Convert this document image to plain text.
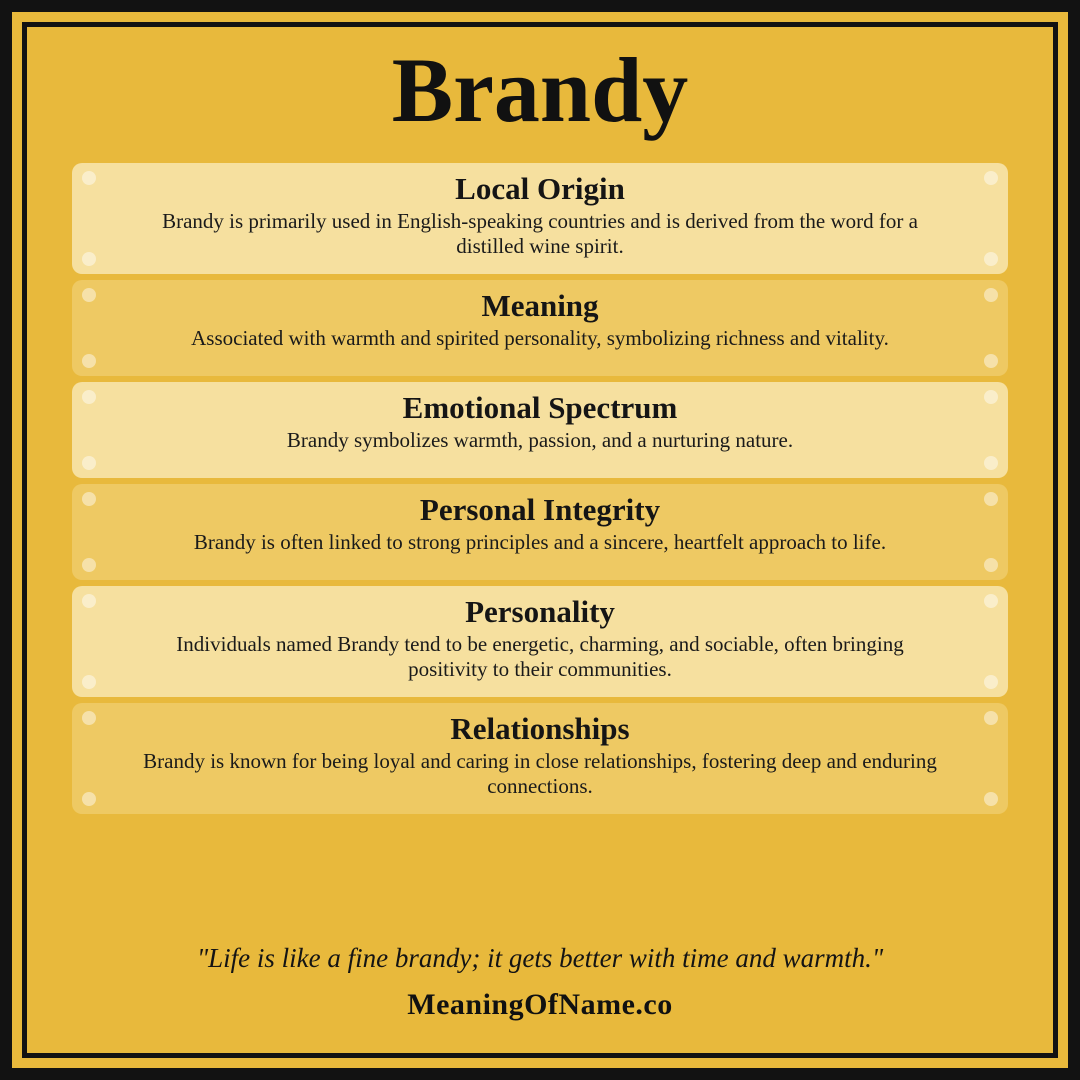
Brandy
Local Origin
Brandy is primarily used in English-speaking countries and is derived from the word for a distilled wine spirit.
Meaning
Associated with warmth and spirited personality, symbolizing richness and vitality.
Emotional Spectrum
Brandy symbolizes warmth, passion, and a nurturing nature.
Personal Integrity
Brandy is often linked to strong principles and a sincere, heartfelt approach to life.
Personality
Individuals named Brandy tend to be energetic, charming, and sociable, often bringing positivity to their communities.
Relationships
Brandy is known for being loyal and caring in close relationships, fostering deep and enduring connections.
"Life is like a fine brandy; it gets better with time and warmth."
MeaningOfName.co
